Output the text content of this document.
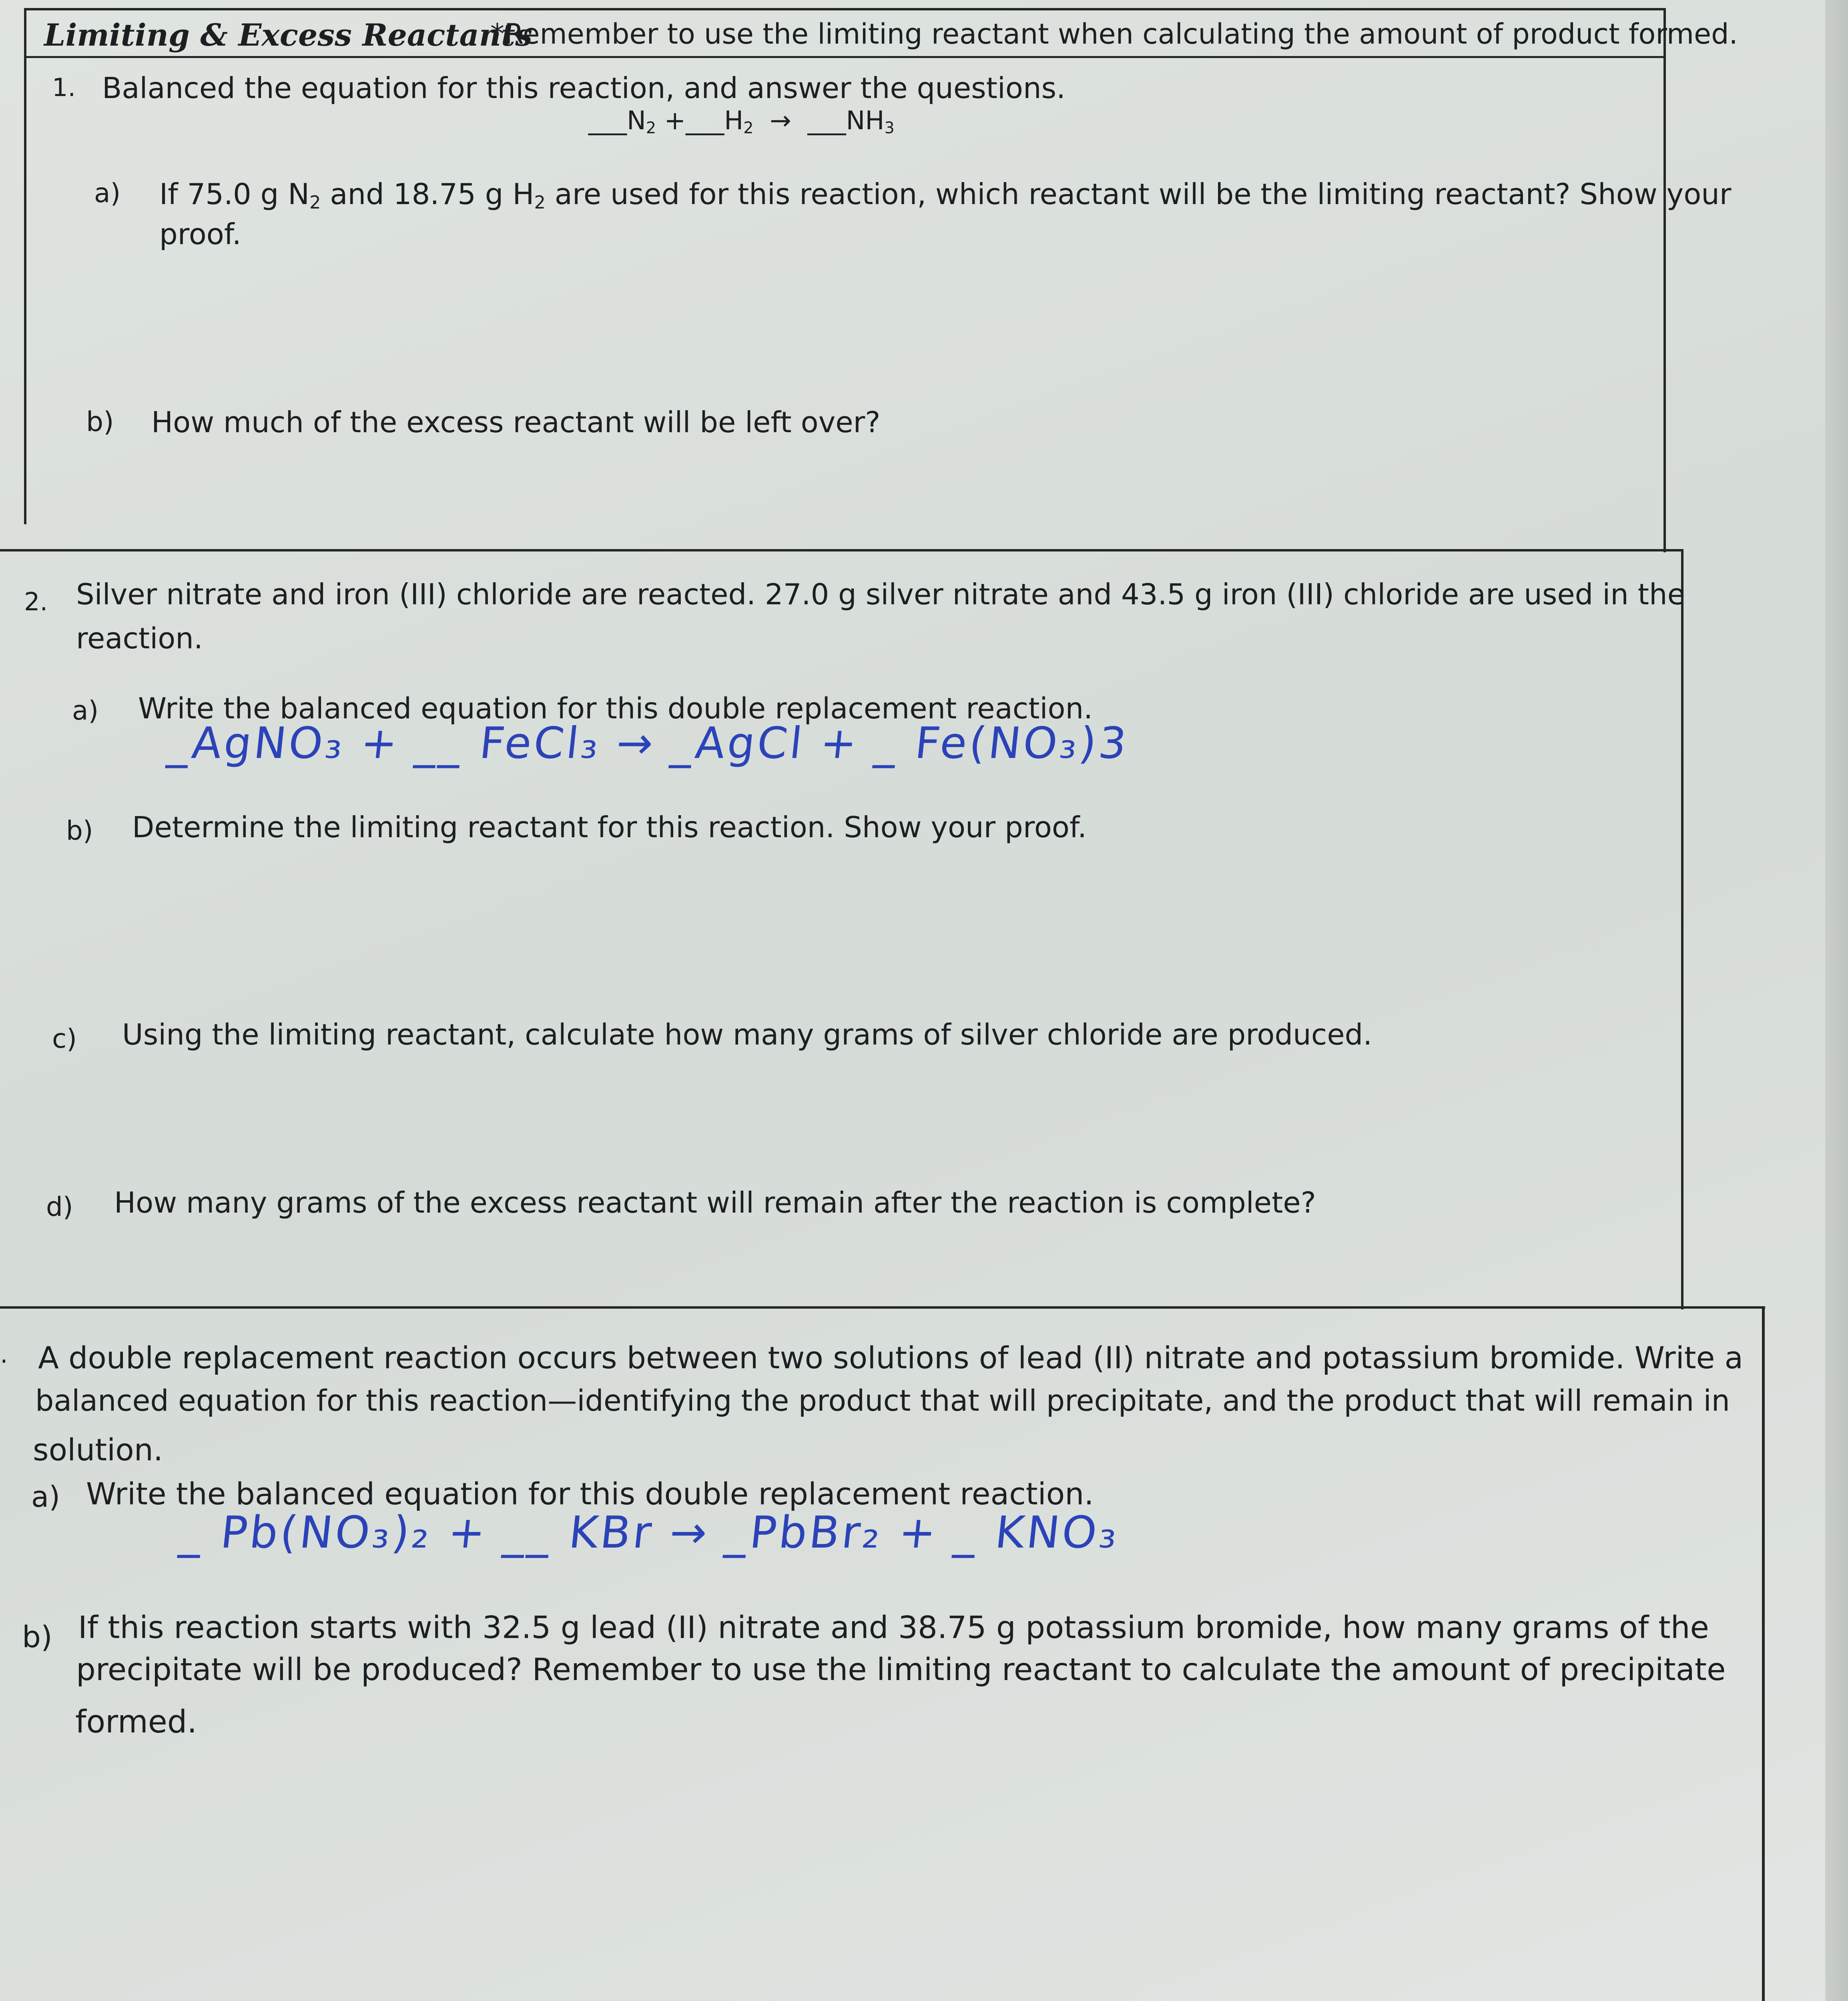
Limiting & Excess Reactants
*Remember to use the limiting reactant when calculating the amount of product formed.
1. Balanced the equation for this reaction, and answer the questions.
$\_\_\_N_2$ $+\_\_\_H_2$ → $\_\_\_NH_3$
a) If 75.0 g $N_2$ and 18.75 g $H_2$ are used for this reaction, which reactant will be the limiting reactant? Show your
proof.
b) How much of the excess reactant will be left over?
2. Silver nitrate and iron (III) chloride are reacted. 27.0 g silver nitrate and 43.5 g iron (III) chloride are used in the
reaction.
a) Write the balanced equation for this double replacement reaction.
_AgNO₃ + __ FeCl₃ → _AgCl + _ Fe(NO₃)3
b) Determine the limiting reactant for this reaction. Show your proof.
c) Using the limiting reactant, calculate how many grams of silver chloride are produced.
d) How many grams of the excess reactant will remain after the reaction is complete?
. A double replacement reaction occurs between two solutions of lead (II) nitrate and potassium bromide. Write a
balanced equation for this reaction—identifying the product that will precipitate, and the product that will remain in
solution.
a) Write the balanced equation for this double replacement reaction.
_ Pb(NO₃)₂ + __ KBr → _PbBr₂ + _ KNO₃
b) If this reaction starts with 32.5 g lead (II) nitrate and 38.75 g potassium bromide, how many grams of the
precipitate will be produced? Remember to use the limiting reactant to calculate the amount of precipitate
formed.
